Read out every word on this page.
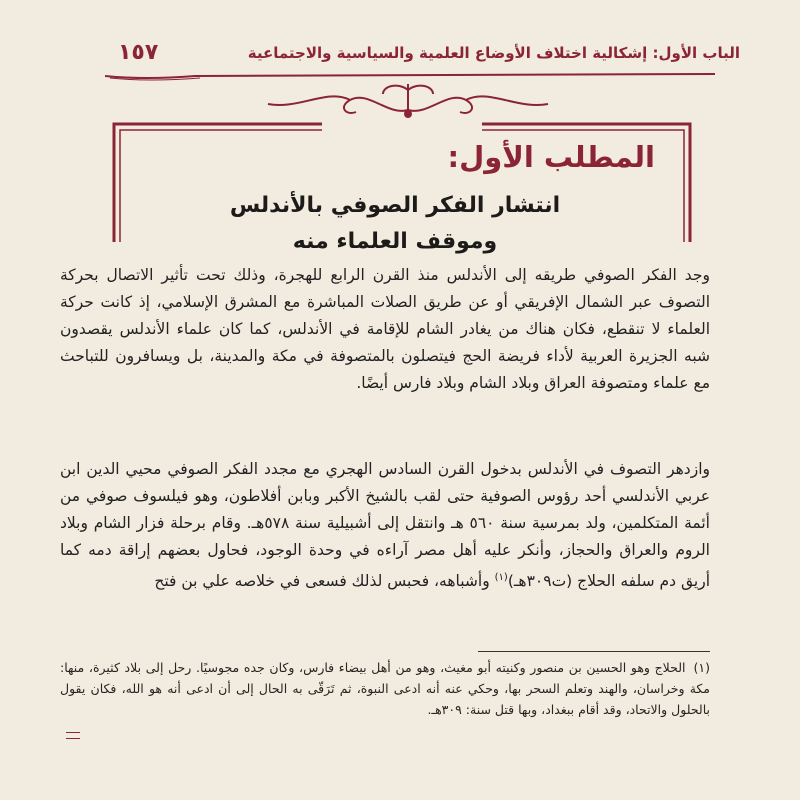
الباب الأول: إشكالية اختلاف الأوضاع العلمية والسياسية والاجتماعية
١٥٧
المطلب الأول:
انتشار الفكر الصوفي بالأندلس
وموقف العلماء منه
وجد الفكر الصوفي طريقه إلى الأندلس منذ القرن الرابع للهجرة، وذلك تحت تأثير الاتصال بحركة التصوف عبر الشمال الإفريقي أو عن طريق الصلات المباشرة مع المشرق الإسلامي، إذ كانت حركة العلماء لا تنقطع، فكان هناك من يغادر الشام للإقامة في الأندلس، كما كان علماء الأندلس يقصدون شبه الجزيرة العربية لأداء فريضة الحج فيتصلون بالمتصوفة في مكة والمدينة، بل ويسافرون للتباحث مع علماء ومتصوفة العراق وبلاد الشام وبلاد فارس أيضًا.
وازدهر التصوف في الأندلس بدخول القرن السادس الهجري مع مجدد الفكر الصوفي محيي الدين ابن عربي الأندلسي أحد رؤوس الصوفية حتى لقب بالشيخ الأكبر وبابن أفلاطون، وهو فيلسوف صوفي من أئمة المتكلمين، ولد بمرسية سنة ٥٦٠ هـ وانتقل إلى أشبيلية سنة ٥٧٨هـ. وقام برحلة فزار الشام وبلاد الروم والعراق والحجاز، وأنكر عليه أهل مصر آراءه في وحدة الوجود، فحاول بعضهم إراقة دمه كما أريق دم سلفه الحلاج (ت٣٠٩هـ)$^{(١)}$ وأشباهه، فحبس لذلك فسعى في خلاصه علي بن فتح
(١)الحلاج وهو الحسين بن منصور وكنيته أبو مغيث، وهو من أهل بيضاء فارس، وكان جده مجوسيًا. رحل إلى بلاد كثيرة، منها: مكة وخراسان، والهند وتعلم السحر بها، وحكي عنه أنه ادعى النبوة، ثم تَرَقّى به الحال إلى أن ادعى أنه هو الله، فكان يقول بالحلول والاتحاد، وقد أقام ببغداد، وبها قتل سنة: ٣٠٩هـ.
